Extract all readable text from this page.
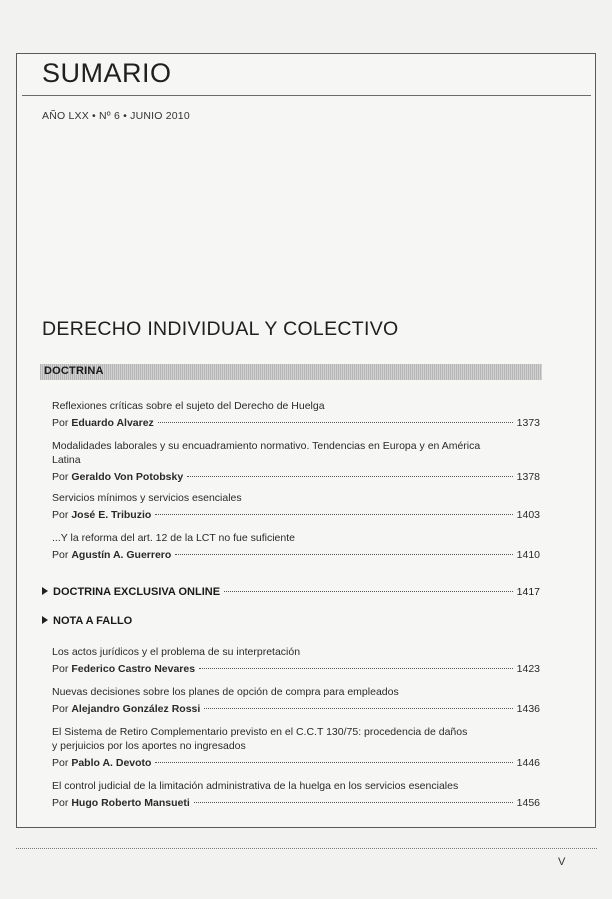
SUMARIO
AÑO LXX • Nº 6 • JUNIO 2010
DERECHO INDIVIDUAL Y COLECTIVO
DOCTRINA
Reflexiones críticas sobre el sujeto del Derecho de Huelga
Por Eduardo Alvarez	1373
Modalidades laborales y su encuadramiento normativo. Tendencias en Europa y en América
Latina
Por Geraldo Von Potobsky	1378
Servicios mínimos y servicios esenciales
Por José E. Tribuzio	1403
...Y la reforma del art. 12 de la LCT no fue suficiente
Por Agustín A. Guerrero	1410
DOCTRINA EXCLUSIVA ONLINE	1417
NOTA A FALLO
Los actos jurídicos y el problema de su interpretación
Por Federico Castro Nevares	1423
Nuevas decisiones sobre los planes de opción de compra para empleados
Por Alejandro González Rossi	1436
El Sistema de Retiro Complementario previsto en el C.C.T 130/75: procedencia de daños
y perjuicios por los aportes no ingresados
Por Pablo A. Devoto	1446
El control judicial de la limitación administrativa de la huelga en los servicios esenciales
Por Hugo Roberto Mansueti	1456
V
